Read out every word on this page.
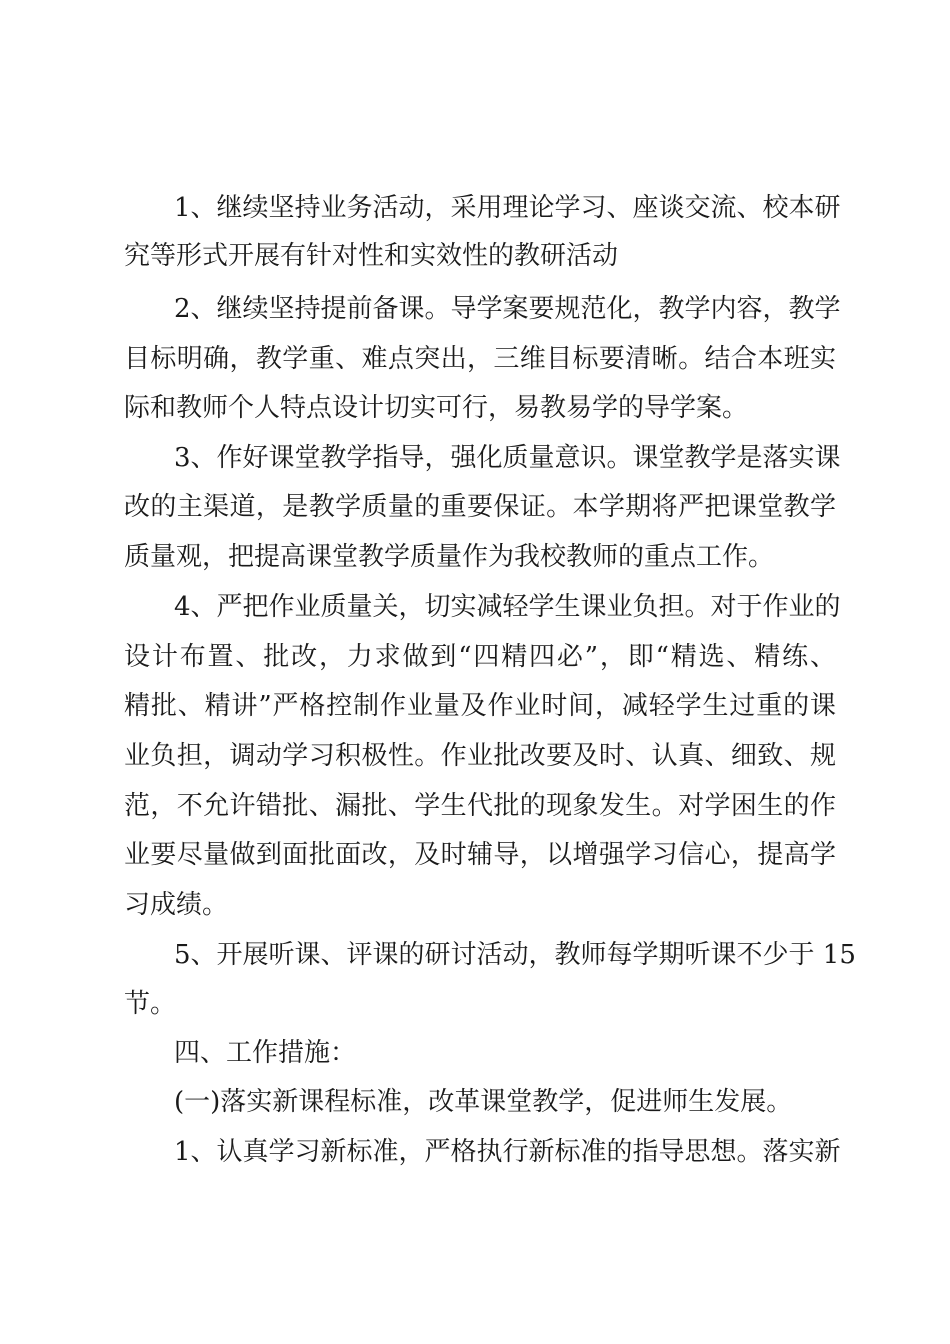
1、继续坚持业务活动，采用理论学习、座谈交流、校本研
究等形式开展有针对性和实效性的教研活动
2、继续坚持提前备课。导学案要规范化，教学内容，教学
目标明确，教学重、难点突出，三维目标要清晰。结合本班实
际和教师个人特点设计切实可行，易教易学的导学案。
3、作好课堂教学指导，强化质量意识。课堂教学是落实课
改的主渠道，是教学质量的重要保证。本学期将严把课堂教学
质量观，把提高课堂教学质量作为我校教师的重点工作。
4、严把作业质量关，切实减轻学生课业负担。对于作业的
设计布置、批改，力求做到“四精四必”，即“精选、精练、
精批、精讲”严格控制作业量及作业时间，减轻学生过重的课
业负担，调动学习积极性。作业批改要及时、认真、细致、规
范，不允许错批、漏批、学生代批的现象发生。对学困生的作
业要尽量做到面批面改，及时辅导，以增强学习信心，提高学
习成绩。
5、开展听课、评课的研讨活动，教师每学期听课不少于 15
节。
四、工作措施：
(一)落实新课程标准，改革课堂教学，促进师生发展。
1、认真学习新标准，严格执行新标准的指导思想。落实新
